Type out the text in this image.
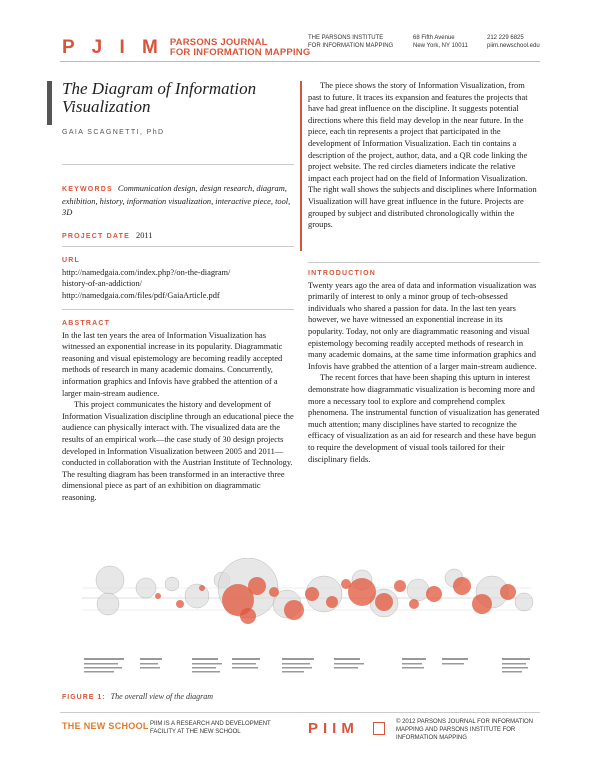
P J I M PARSONS JOURNAL
FOR INFORMATION MAPPING
THE PARSONS INSTITUTE
FOR INFORMATION MAPPING
68 Fifth Avenue
New York, NY 10011
212 229 6825
piim.newschool.edu
The Diagram of Information Visualization
GAIA SCAGNETTI, PhD
KEYWORDS Communication design, design research, diagram, exhibition, history, information visualization, interactive piece, tool, 3D
PROJECT DATE 2011
URL
http://namedgaia.com/index.php?/on-the-diagram/
history-of-an-addiction/
http://namedgaia.com/files/pdf/GaiaArticle.pdf
ABSTRACT

In the last ten years the area of Information Visualization has witnessed an exponential increase in its popularity. Diagrammatic reasoning and visual epistemology are becoming readily accepted methods of research in many academic domains. Concurrently, information graphics and Infovis have grabbed the attention of a larger main-stream audience.

This project communicates the history and development of Information Visualization discipline through an educational piece the audience can physically interact with. The visualized data are the results of an empirical work—the case study of 30 design projects developed in Information Visualization between 2005 and 2011—conducted in collaboration with the Austrian Institute of Technology. The resulting diagram has been transformed in an interactive three dimensional piece as part of an exhibition on diagrammatic reasoning.

The piece shows the story of Information Visualization, from past to future. It traces its expansion and features the projects that have had great influence on the discipline. It suggests potential directions where this field may develop in the near future. In the piece, each tin represents a project that participated in the development of Information Visualization. Each tin contains a description of the project, author, data, and a QR code linking the project website. The red circles diameters indicate the relative impact each project had on the field of Information Visualization. The right wall shows the subjects and disciplines where Information Visualization will have great influence in the future. Projects are grouped by subject and distributed chronologically within the groups.

INTRODUCTION

Twenty years ago the area of data and information visualization was primarily of interest to only a minor group of tech-obsessed individuals who shared a passion for data. In the last ten years however, we have witnessed an exponential increase in its popularity. Today, not only are diagrammatic reasoning and visual epistemology becoming readily accepted methods of research in many academic domains, at the same time information graphics and Infovis have grabbed the attention of a larger main-stream audience.

The recent forces that have been shaping this upturn in interest demonstrate how diagrammatic visualization is becoming more and more a necessary tool to explore and comprehend complex phenomena. The instrumental function of visualization has generated much attention; many disciplines have started to recognize the efficacy of visualization as an aid for research and these have begun to require the development of visual tools tailored for their disciplinary fields.

FIGURE 1: The overall view of the diagram
THE NEW SCHOOL PIIM IS A RESEARCH AND DEVELOPMENT FACILITY AT THE NEW SCHOOL	PIIM	© 2012 PARSONS JOURNAL FOR INFORMATION MAPPING AND PARSONS INSTITUTE FOR INFORMATION MAPPING
